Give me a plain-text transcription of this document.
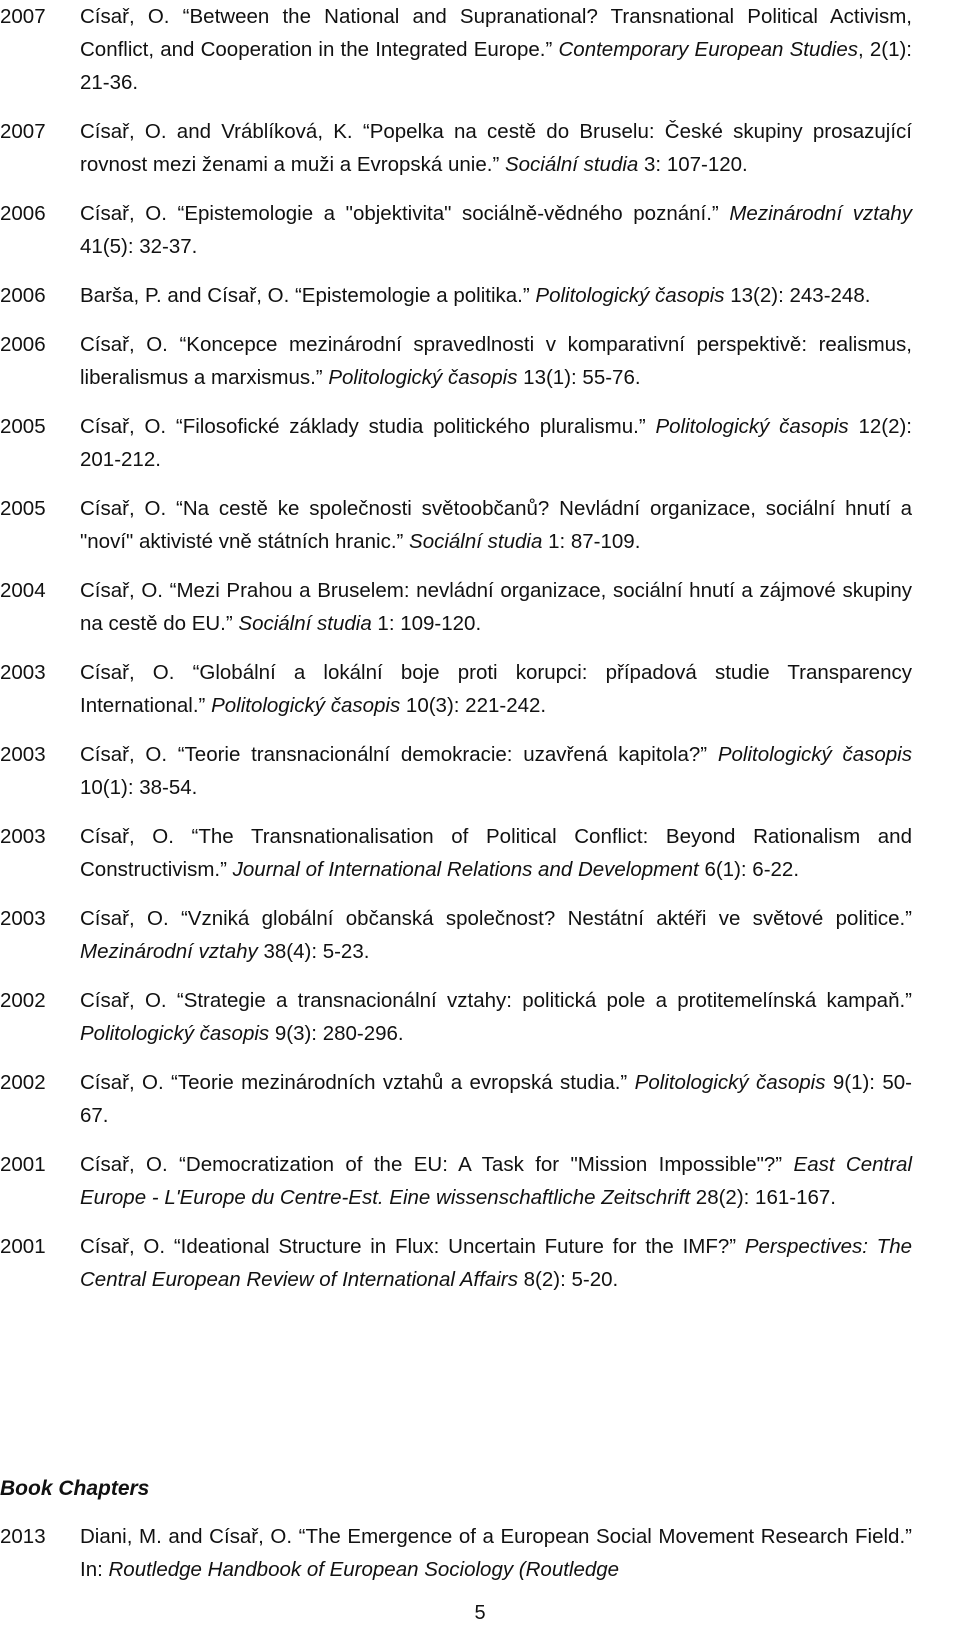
2007	Císař, O. “Between the National and Supranational? Transnational Political Activism, Conflict, and Cooperation in the Integrated Europe.” Contemporary European Studies, 2(1): 21-36.
2007	Císař, O. and Vráblíková, K. “Popelka na cestě do Bruselu: České skupiny prosazující rovnost mezi ženami a muži a Evropská unie.” Sociální studia 3: 107-120.
2006	Císař, O. “Epistemologie a "objektivita" sociálně-vědného poznání.” Mezinárodní vztahy 41(5): 32-37.
2006	Barša, P. and Císař, O. “Epistemologie a politika.” Politologický časopis 13(2): 243-248.
2006	Císař, O. “Koncepce mezinárodní spravedlnosti v komparativní perspektivě: realismus, liberalismus a marxismus.” Politologický časopis 13(1): 55-76.
2005	Císař, O. “Filosofické základy studia politického pluralismu.” Politologický časopis 12(2): 201-212.
2005	Císař, O. “Na cestě ke společnosti světoobčanů? Nevládní organizace, sociální hnutí a "noví" aktivisté vně státních hranic.” Sociální studia 1: 87-109.
2004	Císař, O. “Mezi Prahou a Bruselem: nevládní organizace, sociální hnutí a zájmové skupiny na cestě do EU.” Sociální studia 1: 109-120.
2003	Císař, O. “Globální a lokální boje proti korupci: případová studie Transparency International.” Politologický časopis 10(3): 221-242.
2003	Císař, O. “Teorie transnacionální demokracie: uzavřená kapitola?” Politologický časopis 10(1): 38-54.
2003	Císař, O. “The Transnationalisation of Political Conflict: Beyond Rationalism and Constructivism.” Journal of International Relations and Development 6(1): 6-22.
2003	Císař, O. “Vzniká globální občanská společnost? Nestátní aktéři ve světové politice.” Mezinárodní vztahy 38(4): 5-23.
2002	Císař, O. “Strategie a transnacionální vztahy: politická pole a protitemelínská kampaň.” Politologický časopis 9(3): 280-296.
2002	Císař, O. “Teorie mezinárodních vztahů a evropská studia.” Politologický časopis 9(1): 50-67.
2001	Císař, O. “Democratization of the EU: A Task for "Mission Impossible"?” East Central Europe - L'Europe du Centre-Est. Eine wissenschaftliche Zeitschrift 28(2): 161-167.
2001	Císař, O. “Ideational Structure in Flux: Uncertain Future for the IMF?” Perspectives: The Central European Review of International Affairs 8(2): 5-20.
Book Chapters
2013	Diani, M. and Císař, O. “The Emergence of a European Social Movement Research Field.” In: Routledge Handbook of European Sociology (Routledge
5
